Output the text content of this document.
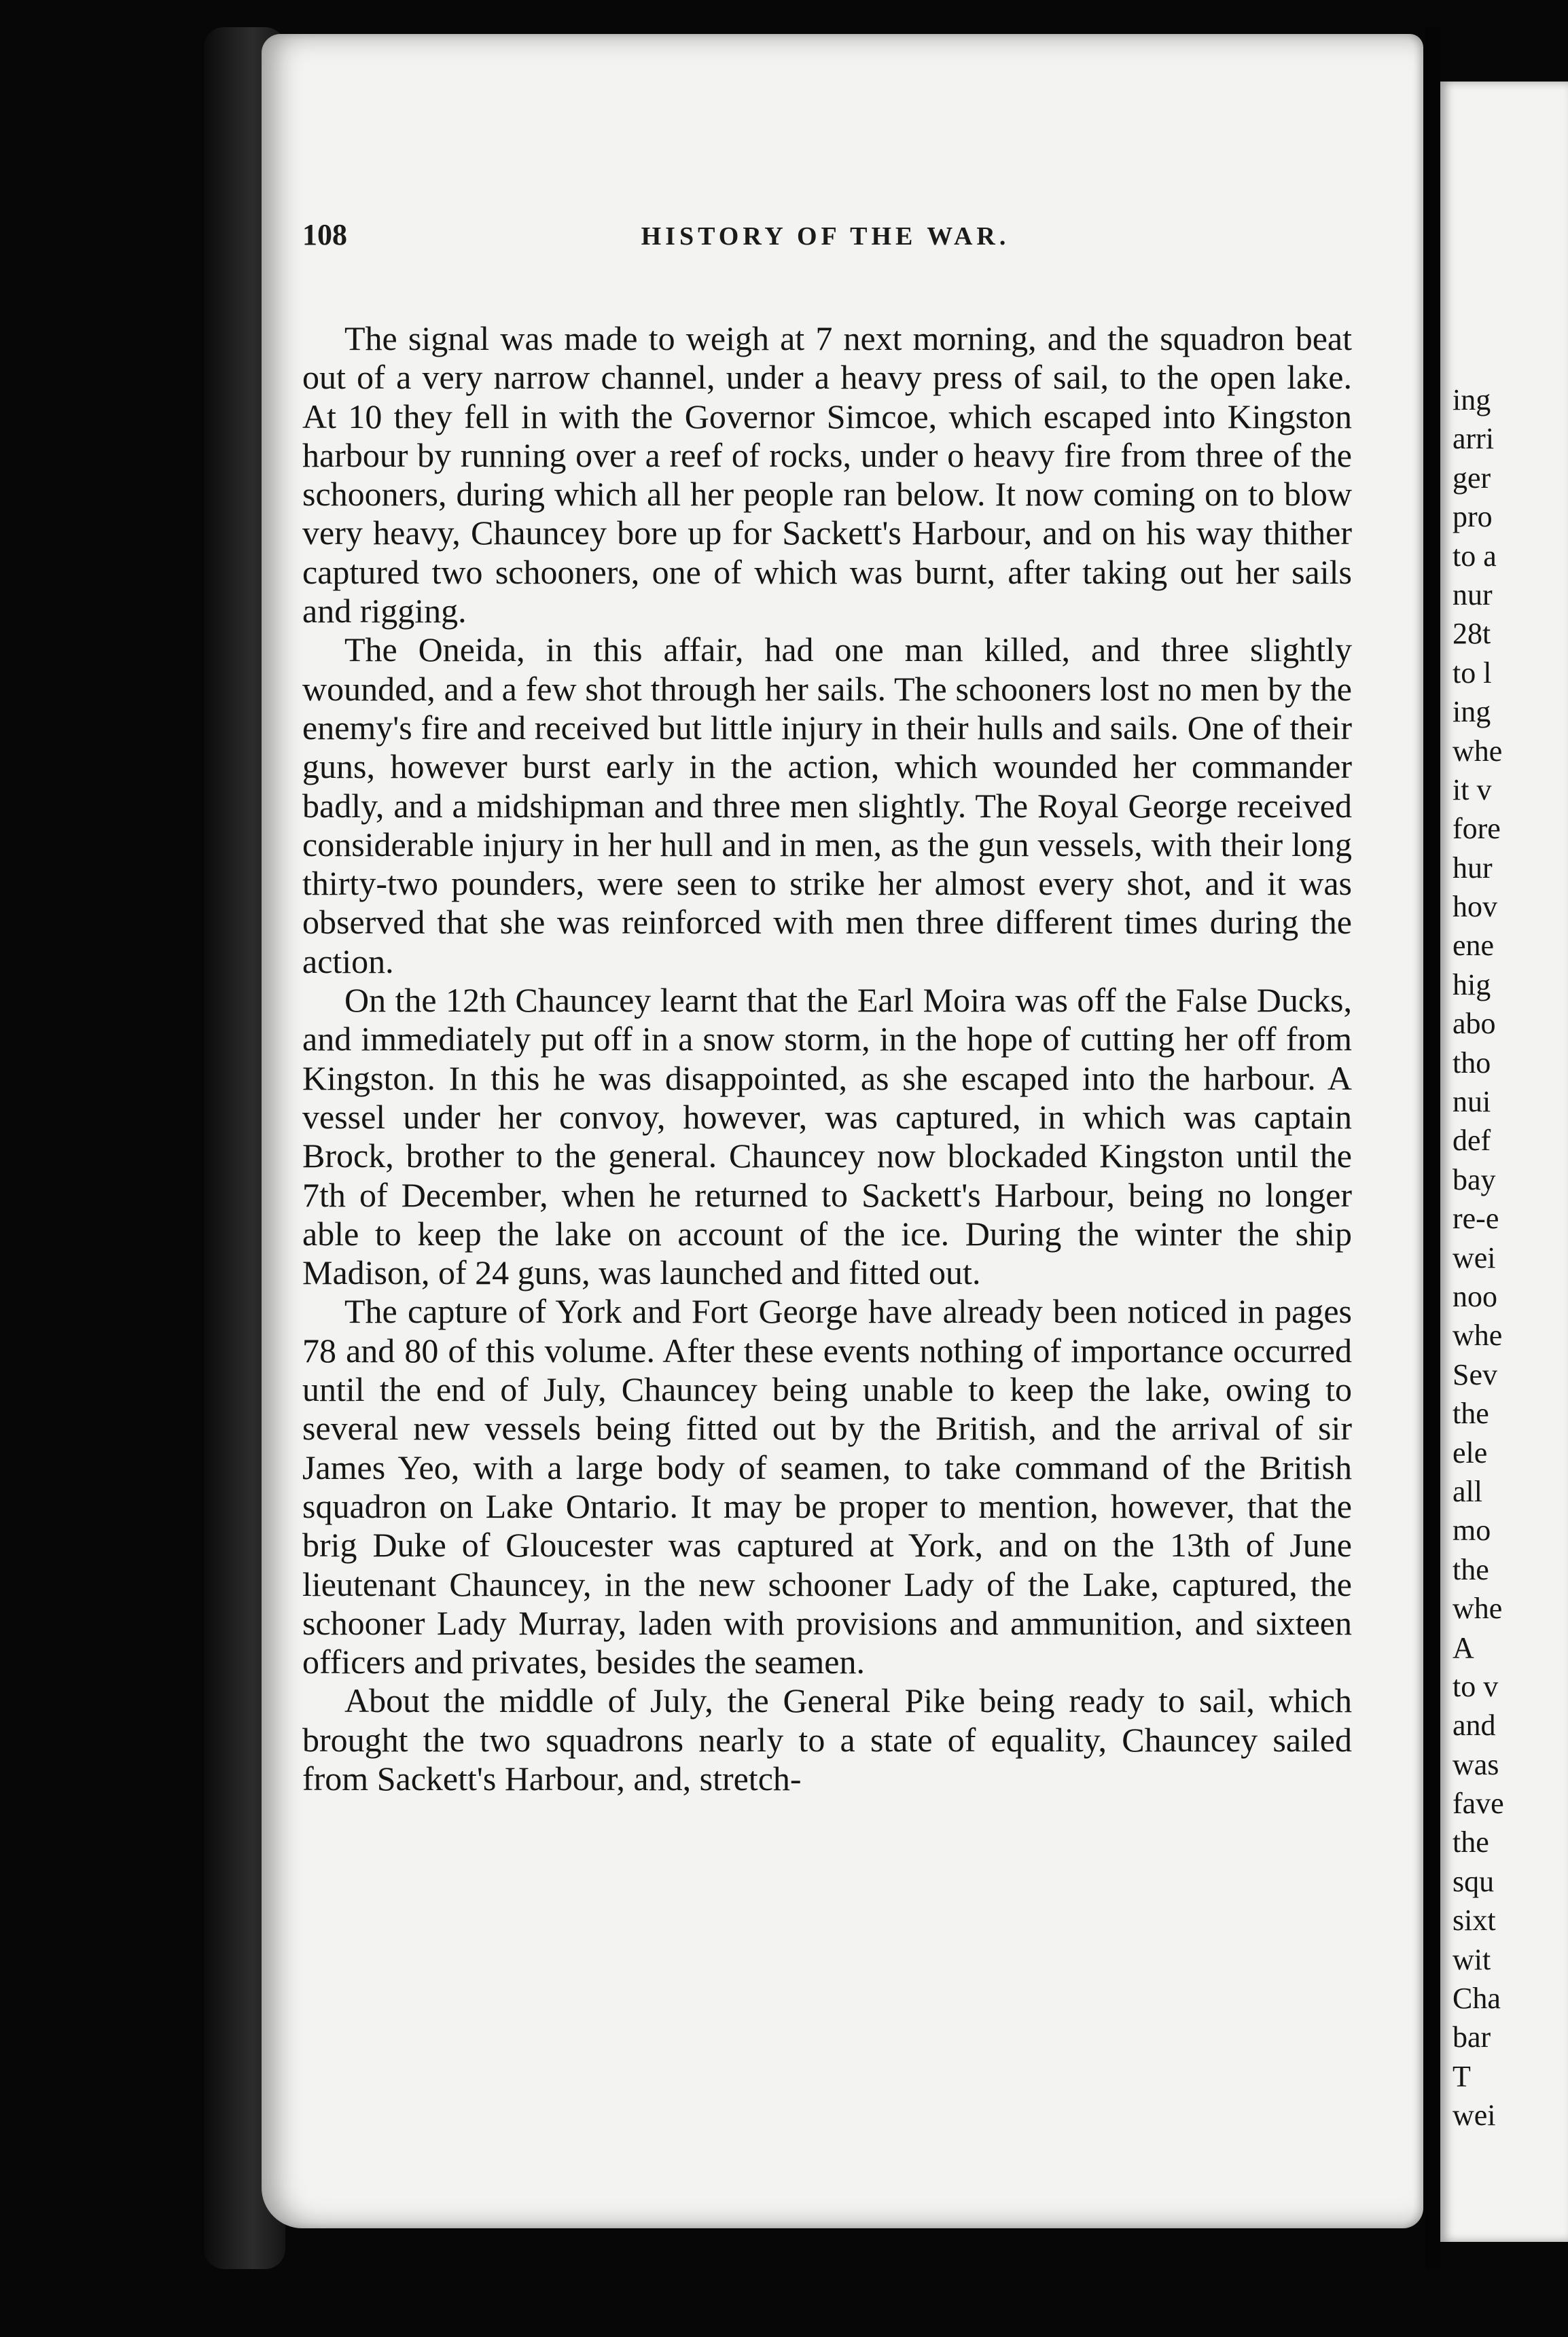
108	HISTORY OF THE WAR.

The signal was made to weigh at 7 next morning, and the squadron beat out of a very narrow channel, under a heavy press of sail, to the open lake. At 10 they fell in with the Governor Simcoe, which escaped into Kingston harbour by running over a reef of rocks, under o heavy fire from three of the schooners, during which all her people ran below. It now coming on to blow very heavy, Chauncey bore up for Sackett's Harbour, and on his way thither captured two schooners, one of which was burnt, after taking out her sails and rigging.

The Oneida, in this affair, had one man killed, and three slightly wounded, and a few shot through her sails. The schooners lost no men by the enemy's fire and received but little injury in their hulls and sails. One of their guns, however burst early in the action, which wounded her commander badly, and a midshipman and three men slightly. The Royal George received considerable injury in her hull and in men, as the gun vessels, with their long thirty-two pounders, were seen to strike her almost every shot, and it was observed that she was reinforced with men three different times during the action.

On the 12th Chauncey learnt that the Earl Moira was off the False Ducks, and immediately put off in a snow storm, in the hope of cutting her off from Kingston. In this he was disappointed, as she escaped into the harbour. A vessel under her convoy, however, was captured, in which was captain Brock, brother to the general. Chauncey now blockaded Kingston until the 7th of December, when he returned to Sackett's Harbour, being no longer able to keep the lake on account of the ice. During the winter the ship Madison, of 24 guns, was launched and fitted out.

The capture of York and Fort George have already been noticed in pages 78 and 80 of this volume. After these events nothing of importance occurred until the end of July, Chauncey being unable to keep the lake, owing to several new vessels being fitted out by the British, and the arrival of sir James Yeo, with a large body of seamen, to take command of the British squadron on Lake Ontario. It may be proper to mention, however, that the brig Duke of Gloucester was captured at York, and on the 13th of June lieutenant Chauncey, in the new schooner Lady of the Lake, captured, the schooner Lady Murray, laden with provisions and ammunition, and sixteen officers and privates, besides the seamen.

About the middle of July, the General Pike being ready to sail, which brought the two squadrons nearly to a state of equality, Chauncey sailed from Sackett's Harbour, and, stretch-

ing
arri
ger
pro
to a
nur
28t
to l
ing
whe
it v
fore
hur
hov
ene
hig
abo
tho
nui
def
bay
re-e
wei
noo
whe
Sev
the
ele
all
mo
the
whe
A
to v
and
was
fave
the
squ
sixt
wit
Cha
bar
T
wei
